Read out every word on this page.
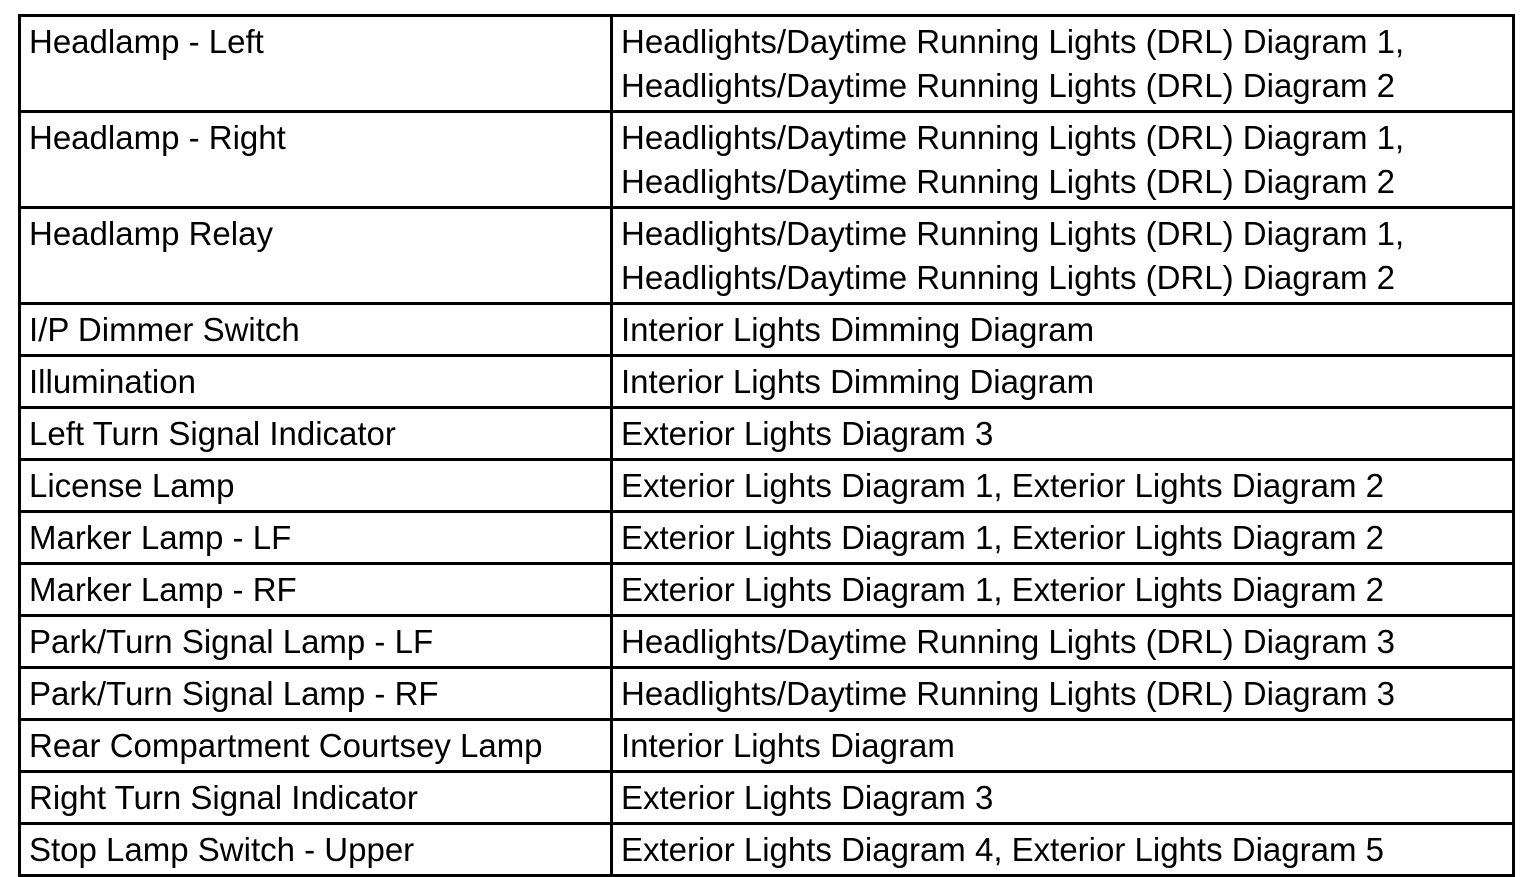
Headlamp - Left	Headlights/Daytime Running Lights (DRL) Diagram 1,
Headlights/Daytime Running Lights (DRL) Diagram 2

Headlamp - Right	Headlights/Daytime Running Lights (DRL) Diagram 1,
Headlights/Daytime Running Lights (DRL) Diagram 2

Headlamp Relay	Headlights/Daytime Running Lights (DRL) Diagram 1,
Headlights/Daytime Running Lights (DRL) Diagram 2

I/P Dimmer Switch	Interior Lights Dimming Diagram

Illumination	Interior Lights Dimming Diagram

Left Turn Signal Indicator	Exterior Lights Diagram 3

License Lamp	Exterior Lights Diagram 1, Exterior Lights Diagram 2

Marker Lamp - LF	Exterior Lights Diagram 1, Exterior Lights Diagram 2

Marker Lamp - RF	Exterior Lights Diagram 1, Exterior Lights Diagram 2

Park/Turn Signal Lamp - LF	Headlights/Daytime Running Lights (DRL) Diagram 3

Park/Turn Signal Lamp - RF	Headlights/Daytime Running Lights (DRL) Diagram 3

Rear Compartment Courtsey Lamp	Interior Lights Diagram

Right Turn Signal Indicator	Exterior Lights Diagram 3

Stop Lamp Switch - Upper	Exterior Lights Diagram 4, Exterior Lights Diagram 5
